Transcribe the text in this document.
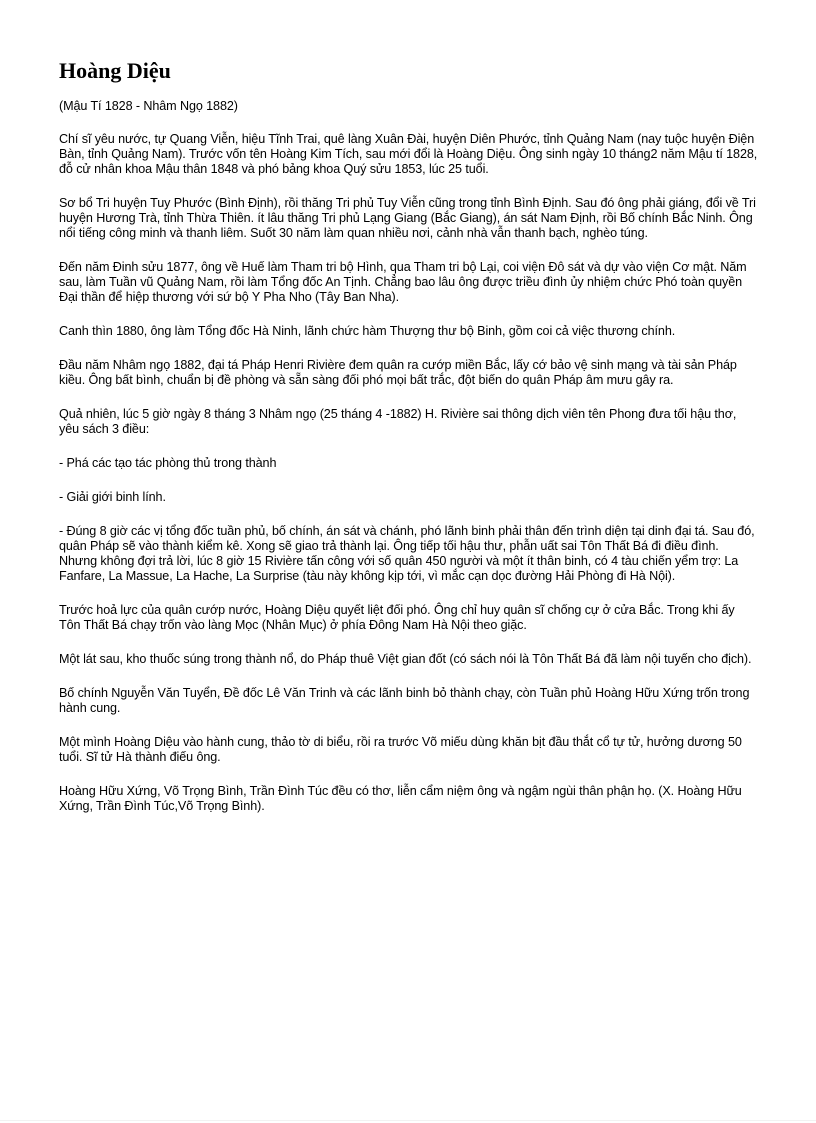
Hoàng Diệu

(Mậu Tí 1828 - Nhâm Ngọ 1882)

Chí sĩ yêu nước, tự Quang Viễn, hiệu Tĩnh Trai, quê làng Xuân Đài, huyện Diên Phước, tỉnh Quảng Nam (nay tuộc huyện Điện Bàn, tỉnh Quảng Nam). Trước vốn tên Hoàng Kim Tích, sau mới đổi là Hoàng Diệu. Ông sinh ngày 10 tháng2 năm Mậu tí 1828, đỗ cử nhân khoa Mậu thân 1848 và phó bảng khoa Quý sửu 1853, lúc 25 tuổi.

Sơ bổ Tri huyện Tuy Phước (Bình Định), rồi thăng Tri phủ Tuy Viễn cũng trong tỉnh Bình Định. Sau đó ông phải giáng, đổi về Tri huyện Hương Trà, tỉnh Thừa Thiên. ít lâu thăng Tri phủ Lạng Giang (Bắc Giang), án sát Nam Định, rồi Bố chính Bắc Ninh. Ông nổi tiếng công minh và thanh liêm. Suốt 30 năm làm quan nhiều nơi, cảnh nhà vẫn thanh bạch, nghèo túng.

Đến năm Đinh sửu 1877, ông về Huế làm Tham tri bộ Hình, qua Tham tri bộ Lại, coi viện Đô sát và dự vào viện Cơ mật. Năm sau, làm Tuần vũ Quảng Nam, rồi làm Tổng đốc An Tịnh. Chẳng bao lâu ông được triều đình ủy nhiệm chức Phó toàn quyền Đại thần để hiệp thương với sứ bộ Y Pha Nho (Tây Ban Nha).

Canh thìn 1880, ông làm Tổng đốc Hà Ninh, lãnh chức hàm Thượng thư bộ Binh, gồm coi cả việc thương chính.

Đầu năm Nhâm ngọ 1882, đại tá Pháp Henri Rivière đem quân ra cướp miền Bắc, lấy cớ bảo vệ sinh mạng và tài sản Pháp kiều. Ông bất bình, chuẩn bị đề phòng và sẵn sàng đối phó mọi bất trắc, đột biến do quân Pháp âm mưu gây ra.

Quả nhiên, lúc 5 giờ ngày 8 tháng 3 Nhâm ngọ (25 tháng 4 -1882) H. Rivière sai thông dịch viên tên Phong đưa tối hậu thơ, yêu sách 3 điều:

- Phá các tạo tác phòng thủ trong thành

- Giải giới binh lính.

- Đúng 8 giờ các vị tổng đốc tuần phủ, bố chính, án sát và chánh, phó lãnh binh phải thân đến trình diện tại dinh đại tá. Sau đó, quân Pháp sẽ vào thành kiểm kê. Xong sẽ giao trả thành lại. Ông tiếp tối hậu thư, phẫn uất sai Tôn Thất Bá đi điều đình. Nhưng không đợi trả lời, lúc 8 giờ 15 Rivière tấn công với số quân 450 người và một ít thân binh, có 4 tàu chiến yểm trợ: La Fanfare, La Massue, La Hache, La Surprise (tàu này không kịp tới, vì mắc cạn dọc đường Hải Phòng đi Hà Nội).

Trước hoả lực của quân cướp nước, Hoàng Diệu quyết liệt đối phó. Ông chỉ huy quân sĩ chống cự ở cửa Bắc. Trong khi ấy Tôn Thất Bá chạy trốn vào làng Mọc (Nhân Mục) ở phía Đông Nam Hà Nội theo giặc.

Một lát sau, kho thuốc súng trong thành nổ, do Pháp thuê Việt gian đốt (có sách nói là Tôn Thất Bá đã làm nội tuyến cho địch).

Bố chính Nguyễn Văn Tuyển, Đề đốc Lê Văn Trinh và các lãnh binh bỏ thành chạy, còn Tuần phủ Hoàng Hữu Xứng trốn trong hành cung.

Một mình Hoàng Diệu vào hành cung, thảo tờ di biểu, rồi ra trước Võ miếu dùng khăn bịt đầu thắt cổ tự tử, hưởng dương 50 tuổi. Sĩ tử Hà thành điếu ông.

Hoàng Hữu Xứng, Võ Trọng Bình, Trần Đình Túc đều có thơ, liễn cẩm niệm ông và ngậm ngùi thân phận họ. (X. Hoàng Hữu Xứng, Trần Đình Túc,Võ Trọng Bình).
